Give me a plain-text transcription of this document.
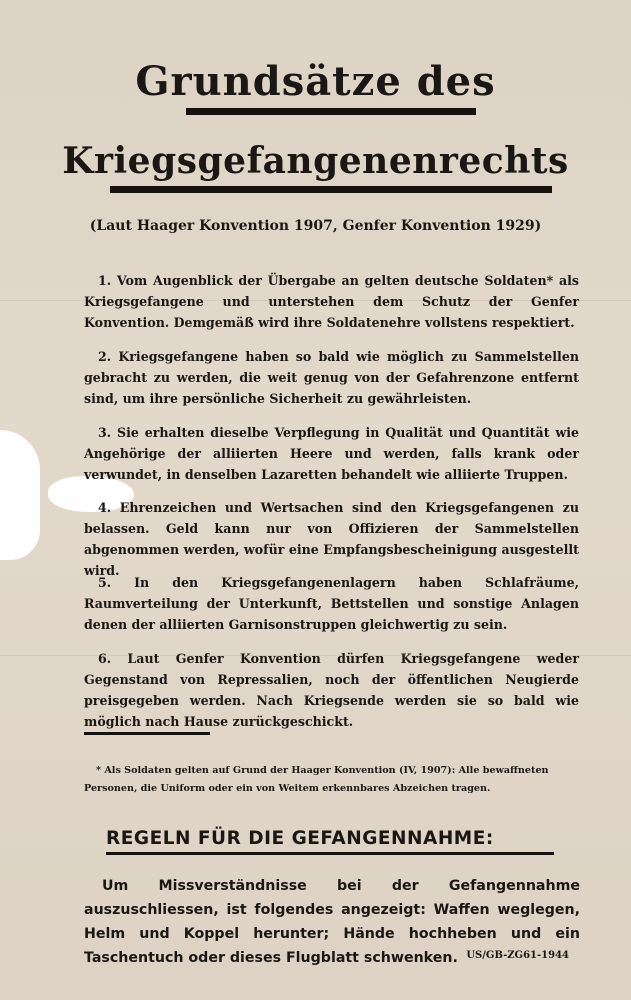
Grundsätze des
Kriegsgefangenenrechts
(Laut Haager Konvention 1907, Genfer Konvention 1929)

1. Vom Augenblick der Übergabe an gelten deutsche Soldaten* als Kriegsgefangene und unterstehen dem Schutz der Genfer Konvention. Demgemäß wird ihre Soldatenehre vollstens respektiert.

2. Kriegsgefangene haben so bald wie möglich zu Sammelstellen gebracht zu werden, die weit genug von der Gefahrenzone entfernt sind, um ihre persönliche Sicherheit zu gewährleisten.

3. Sie erhalten dieselbe Verpflegung in Qualität und Quantität wie Angehörige der alliierten Heere und werden, falls krank oder verwundet, in denselben Lazaretten behandelt wie alliierte Truppen.

4. Ehrenzeichen und Wertsachen sind den Kriegsgefangenen zu belassen. Geld kann nur von Offizieren der Sammelstellen abgenommen werden, wofür eine Empfangsbescheinigung ausgestellt wird.

5. In den Kriegsgefangenenlagern haben Schlafräume, Raumverteilung der Unterkunft, Bettstellen und sonstige Anlagen denen der alliierten Garnisonstruppen gleichwertig zu sein.

6. Laut Genfer Konvention dürfen Kriegsgefangene weder Gegenstand von Repressalien, noch der öffentlichen Neugierde preisgegeben werden. Nach Kriegsende werden sie so bald wie möglich nach Hause zurückgeschickt.

* Als Soldaten gelten auf Grund der Haager Konvention (IV, 1907): Alle bewaffneten Personen, die Uniform oder ein von Weitem erkennbares Abzeichen tragen.

REGELN FÜR DIE GEFANGENNAHME:

Um Missverständnisse bei der Gefangennahme auszuschliessen, ist folgendes angezeigt: Waffen weglegen, Helm und Koppel herunter; Hände hochheben und ein Taschentuch oder dieses Flugblatt schwenken. US/GB-ZG61-1944
